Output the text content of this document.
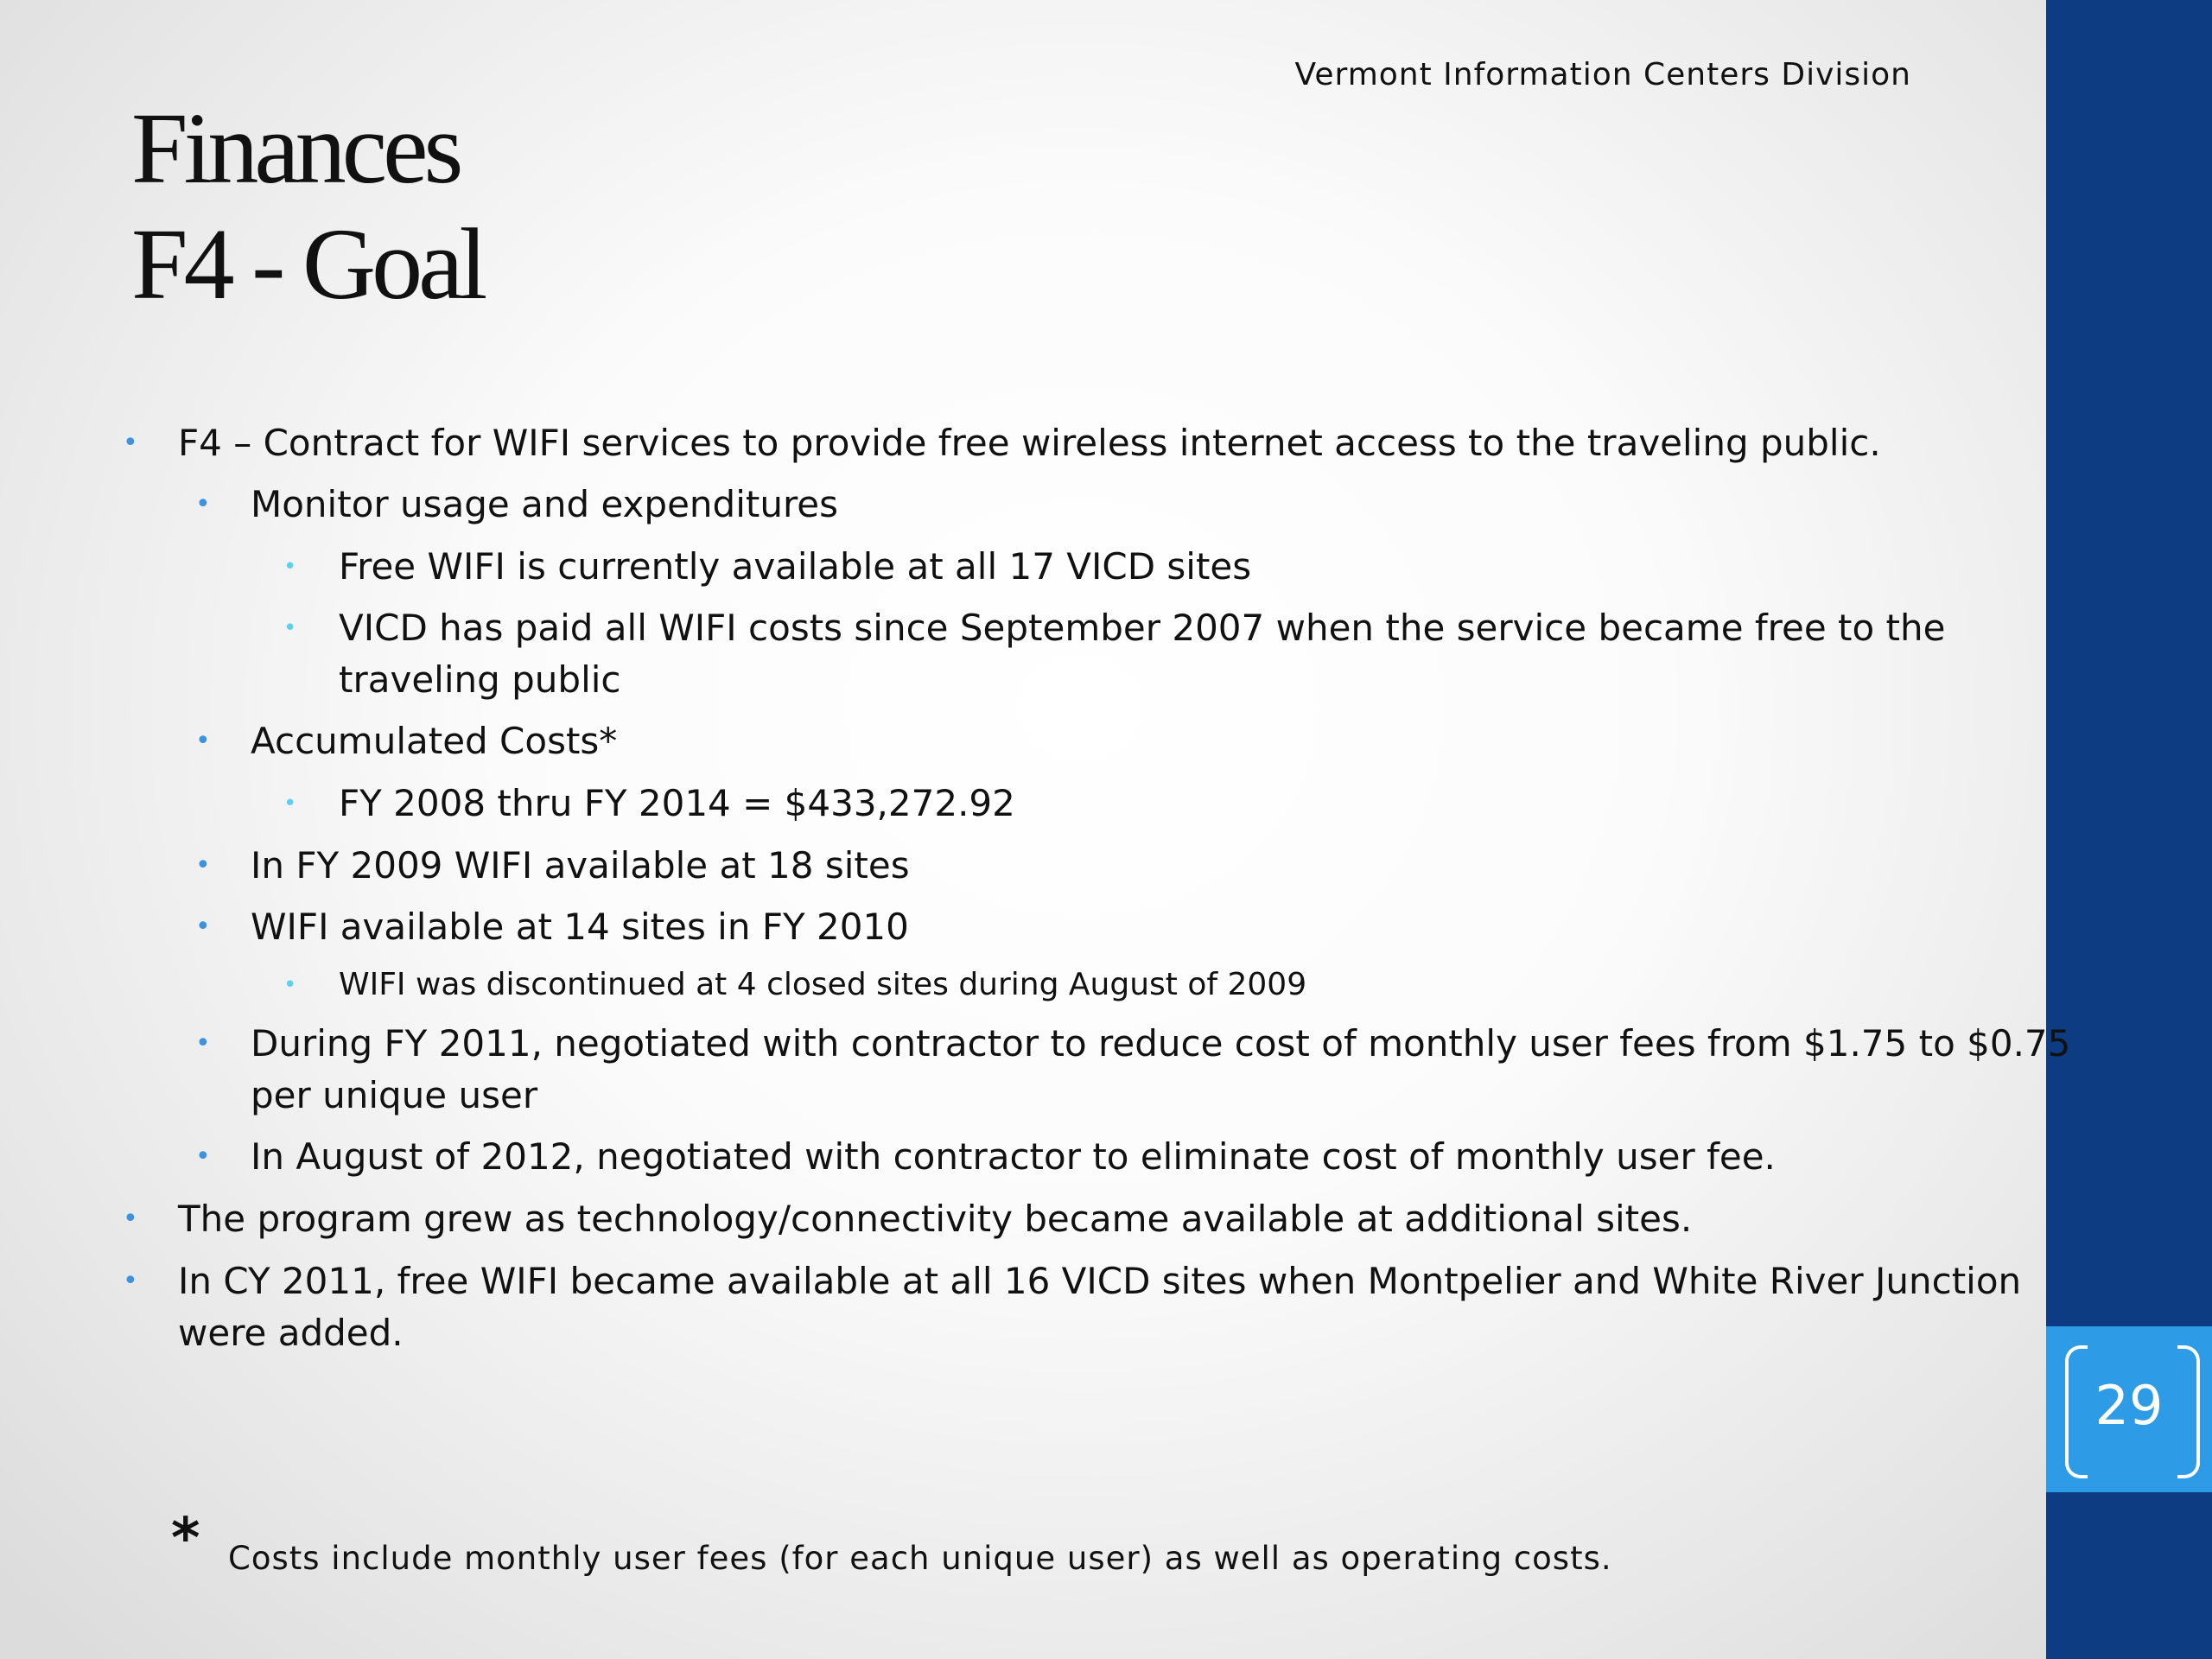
29
Vermont Information Centers Division
Finances
F4 - Goal
• F4 – Contract for WIFI services to provide free wireless internet access to the traveling public.
• Monitor usage and expenditures
• Free WIFI is currently available at all 17 VICD sites
• VICD has paid all WIFI costs since September 2007 when the service became free to the
traveling public
• Accumulated Costs*
• FY 2008 thru FY 2014 = $433,272.92
• In FY 2009 WIFI available at 18 sites
• WIFI available at 14 sites in FY 2010
• WIFI was discontinued at 4 closed sites during August of 2009
• During FY 2011, negotiated with contractor to reduce cost of monthly user fees from $1.75 to $0.75
per unique user
• In August of 2012, negotiated with contractor to eliminate cost of monthly user fee.
• The program grew as technology/connectivity became available at additional sites.
• In CY 2011, free WIFI became available at all 16 VICD sites when Montpelier and White River Junction
were added.
* Costs include monthly user fees (for each unique user) as well as operating costs.
